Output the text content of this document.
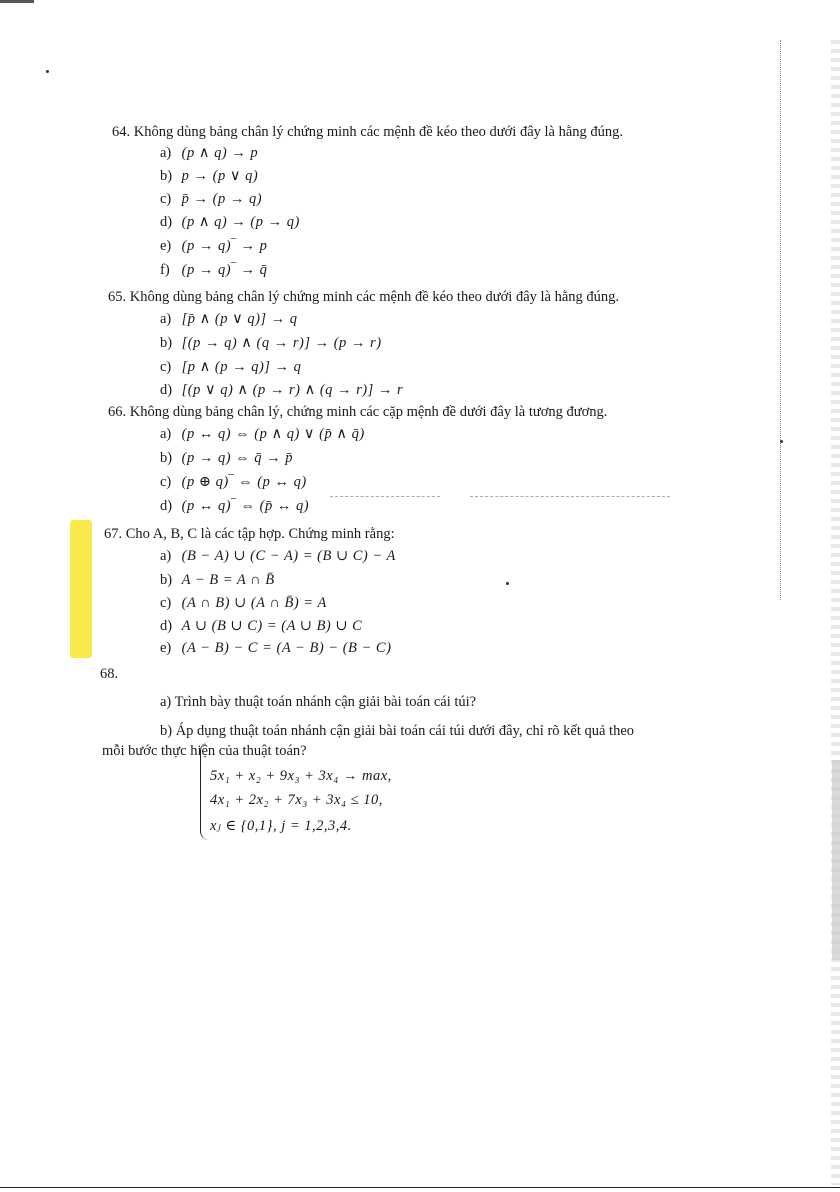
64. Không dùng bảng chân lý chứng minh các mệnh đề kéo theo dưới đây là hằng đúng.
a) (p ∧ q) → p
b) p → (p ∨ q)
c) p̄ → (p → q)
d) (p ∧ q) → (p → q)
e) (p → q)‾ → p
f) (p → q)‾ → q̄
65. Không dùng bảng chân lý chứng minh các mệnh đề kéo theo dưới đây là hằng đúng.
a) [p̄ ∧ (p ∨ q)] → q
b) [(p → q) ∧ (q → r)] → (p → r)
c) [p ∧ (p → q)] → q
d) [(p ∨ q) ∧ (p → r) ∧ (q → r)] → r
66. Không dùng bảng chân lý, chứng minh các cặp mệnh đề dưới đây là tương đương.
a) (p ↔ q) ⇔ (p ∧ q) ∨ (p̄ ∧ q̄)
b) (p → q) ⇔ q̄ → p̄
c) (p ⊕ q)‾ ⇔ (p ↔ q)
d) (p ↔ q)‾ ⇔ (p̄ ↔ q)
67. Cho A, B, C là các tập hợp. Chứng minh rằng:
a) (B − A) ∪ (C − A) = (B ∪ C) − A
b) A − B = A ∩ B̄
c) (A ∩ B) ∪ (A ∩ B̄) = A
d) A ∪ (B ∪ C) = (A ∪ B) ∪ C
e) (A − B) − C = (A − B) − (B − C)
68.
a) Trình bày thuật toán nhánh cận giải bài toán cái túi?
b) Áp dụng thuật toán nhánh cận giải bài toán cái túi dưới đây, chỉ rõ kết quả theo
mỗi bước thực hiện của thuật toán?
5x₁ + x₂ + 9x₃ + 3x₄ → max,
4x₁ + 2x₂ + 7x₃ + 3x₄ ≤ 10,
xⱼ ∈ {0,1}, j = 1,2,3,4.
